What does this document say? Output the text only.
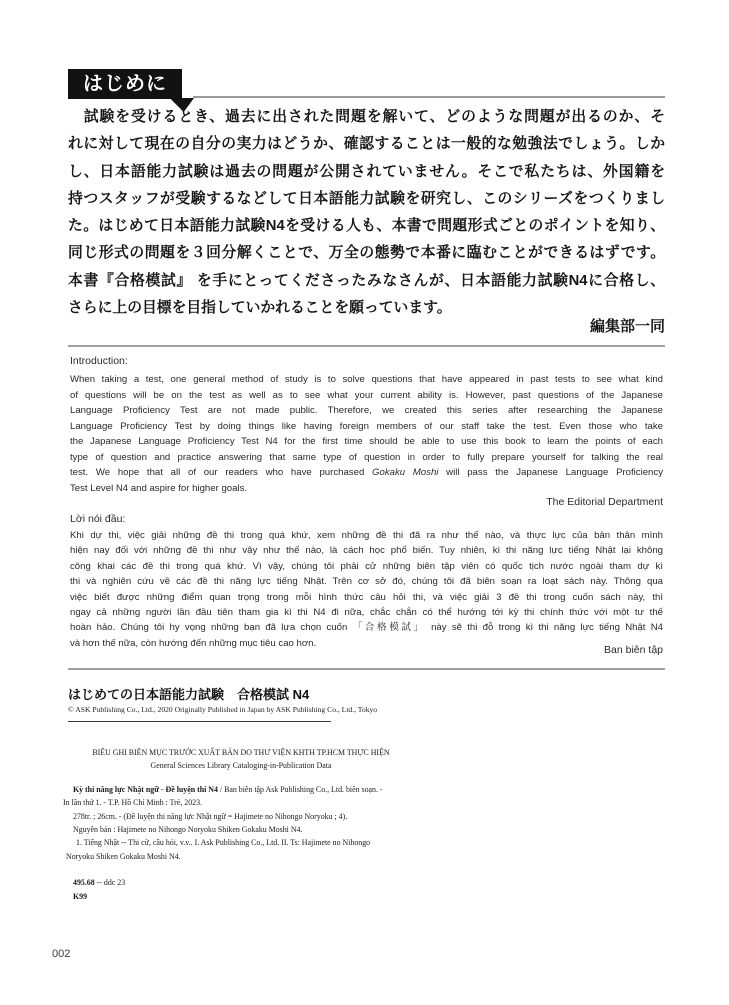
はじめに
　試験を受けるとき、過去に出された問題を解いて、どのような問題が出るのか、そ
れに対して現在の自分の実力はどうか、確認することは一般的な勉強法でしょう。しか
し、日本語能力試験は過去の問題が公開されていません。そこで私たちは、外国籍を
持つスタッフが受験するなどして日本語能力試験を研究し、このシリーズをつくりまし
た。はじめて日本語能力試験N4を受ける人も、本書で問題形式ごとのポイントを知り、
同じ形式の問題を３回分解くことで、万全の態勢で本番に臨むことができるはずです。
本書『合格模試』 を手にとってくださったみなさんが、日本語能力試験N4に合格し、
さらに上の目標を目指していかれることを願っています。
編集部一同
Introduction:
When taking a test, one general method of study is to solve questions that have appeared in past tests to see what kind
of questions will be on the test as well as to see what your current ability is. However, past questions of the Japanese
Language Proficiency Test are not made public. Therefore, we created this series after researching the Japanese
Language Proficiency Test by doing things like having foreign members of our staff take the test. Even those who take
the Japanese Language Proficiency Test N4 for the first time should be able to use this book to learn the points of each
type of question and practice answering that same type of question in order to fully prepare yourself for talking the real
test. We hope that all of our readers who have purchased Gokaku Moshi will pass the Japanese Language Proficiency
Test Level N4 and aspire for higher goals.
The Editorial Department
Lời nói đầu:
Khi dự thi, việc giải những đề thi trong quá khứ, xem những đề thi đã ra như thế nào, và thực lực của bản thân mình
hiện nay đối với những đề thi như vậy như thế nào, là cách học phổ biến. Tuy nhiên, kì thi năng lực tiếng Nhật lại không
công khai các đề thi trong quá khứ. Vì vậy, chúng tôi phải cử những biên tập viên có quốc tịch nước ngoài tham dự kì
thi và nghiên cứu về các đề thi năng lực tiếng Nhật. Trên cơ sở đó, chúng tôi đã biên soạn ra loạt sách này. Thông qua
việc biết được những điểm quan trọng trong mỗi hình thức câu hỏi thi, và việc giải 3 đề thi trong cuốn sách này, thì
ngay cả những người lần đầu tiên tham gia kì thi N4 đi nữa, chắc chắn có thể hướng tới kỳ thi chính thức với một tư thế
hoàn hảo. Chúng tôi hy vọng những bạn đã lựa chọn cuốn 「合格模試」 này sẽ thi đỗ trong kì thi năng lực tiếng Nhật N4
và hơn thế nữa, còn hướng đến những mục tiêu cao hơn.
Ban biên tập
はじめての日本語能力試験　合格模試 N4
© ASK Publishing Co., Ltd., 2020 Originally Published in Japan by ASK Publishing Co., Ltd., Tokyo
BIỂU GHI BIÊN MỤC TRƯỚC XUẤT BẢN DO THƯ VIỆN KHTH TP.HCM THỰC HIỆN
General Sciences Library Cataloging-in-Publication Data
Kỳ thi năng lực Nhật ngữ - Đề luyện thi N4 / Ban biên tập Ask Publishing Co., Ltd. biên soạn. -
In lần thứ 1. - T.P. Hồ Chí Minh : Trẻ, 2023.
278tr. ; 26cm. - (Đề luyện thi năng lực Nhật ngữ = Hajimete no Nihongo Noryoku ; 4).
Nguyên bản : Hajimete no Nihongo Noryoku Shiken Gokaku Moshi N4.
1. Tiếng Nhật -- Thi cử, câu hỏi, v.v.. I. Ask Publishing Co., Ltd. II. Ts: Hajimete no Nihongo
Noryoku Shiken Gokaku Moshi N4.
495.68 -- ddc 23
K99
002
